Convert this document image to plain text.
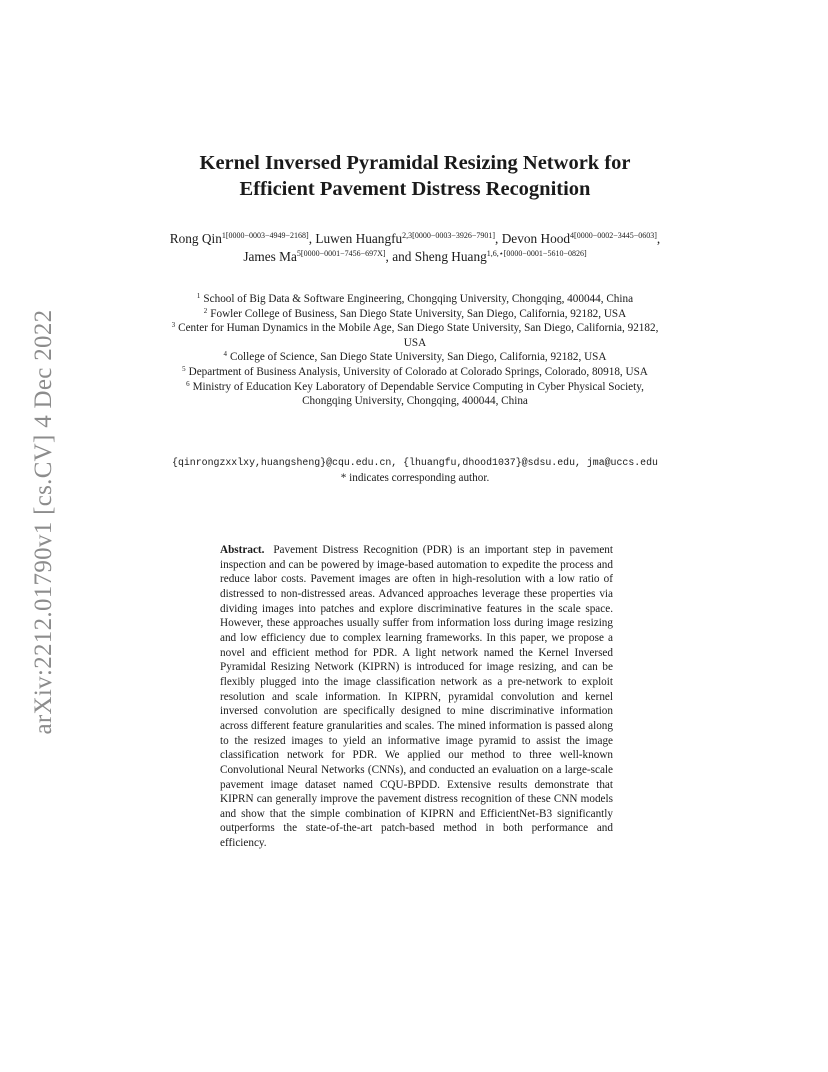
arXiv:2212.01790v1 [cs.CV] 4 Dec 2022
Kernel Inversed Pyramidal Resizing Network for
Efficient Pavement Distress Recognition
Rong Qin$^{1[0000-0003-4949-2168]}$, Luwen Huangfu$^{2,3[0000-0003-3926-7901]}$, Devon Hood$^{4[0000-0002-3445-0603]}$, James $Ma^{5[0000-0001-7456-697X]}$, and Sheng Huang$^{1,6,⋆[0000-0001-5610-0826]}$

$^1$ School of Big Data & Software Engineering, Chongqing University, Chongqing, 400044, China

$^2$ Fowler College of Business, San Diego State University, San Diego, California, 92182, USA

$^3$ Center for Human Dynamics in the Mobile Age, San Diego State University, San Diego, California, 92182, USA

$^4$ College of Science, San Diego State University, San Diego, California, 92182, USA

$^5$ Department of Business Analysis, University of Colorado at Colorado Springs, Colorado, 80918, USA

$^6$ Ministry of Education Key Laboratory of Dependable Service Computing in Cyber Physical Society, Chongqing University, Chongqing, 400044, China

{qinrongzxxlxy,huangsheng}@cqu.edu.cn, {lhuangfu,dhood1037}@sdsu.edu, jma@uccs.edu
* indicates corresponding author.

Abstract. Pavement Distress Recognition (PDR) is an important step in pavement inspection and can be powered by image-based automation to expedite the process and reduce labor costs. Pavement images are often in high-resolution with a low ratio of distressed to non-distressed areas. Advanced approaches leverage these properties via dividing images into patches and explore discriminative features in the scale space. However, these approaches usually suffer from information loss during image resizing and low efficiency due to complex learning frameworks. In this paper, we propose a novel and efficient method for PDR. A light network named the Kernel Inversed Pyramidal Resizing Network (KIPRN) is introduced for image resizing, and can be flexibly plugged into the image classification network as a pre-network to exploit resolution and scale information. In KIPRN, pyramidal convolution and kernel inversed convolution are specifically designed to mine discriminative information across different feature granularities and scales. The mined information is passed along to the resized images to yield an informative image pyramid to assist the image classification network for PDR. We applied our method to three well-known Convolutional Neural Networks (CNNs), and conducted an evaluation on a large-scale pavement image dataset named CQU-BPDD. Extensive results demonstrate that KIPRN can generally improve the pavement distress recognition of these CNN models and show that the simple combination of KIPRN and EfficientNet-B3 significantly outperforms the state-of-the-art patch-based method in both performance and efficiency.
